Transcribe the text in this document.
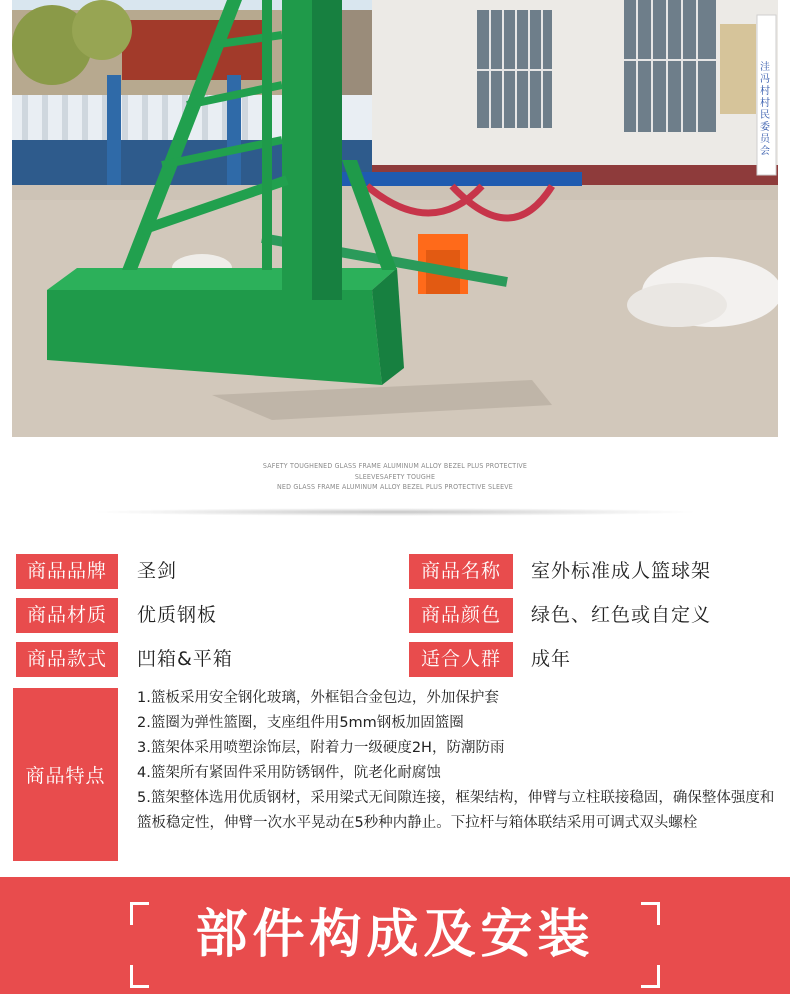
洼冯村村民委员会
SAFETY TOUGHENED GLASS FRAME ALUMINUM ALLOY BEZEL PLUS PROTECTIVE
SLEEVESAFETY TOUGHE
NED GLASS FRAME ALUMINUM ALLOY BEZEL PLUS PROTECTIVE SLEEVE
商品品牌	圣剑	商品名称	室外标准成人篮球架
商品材质	优质钢板	商品颜色	绿色、红色或自定义
商品款式	凹箱&平箱	适合人群	成年
商品特点
1.篮板采用安全钢化玻璃，外框铝合金包边，外加保护套
2.篮圈为弹性篮圈，支座组件用5mm钢板加固篮圈
3.篮架体采用喷塑涂饰层，附着力一级硬度2H，防潮防雨
4.篮架所有紧固件采用防锈钢件，阬老化耐腐蚀
5.篮架整体选用优质钢材，采用梁式无间隙连接，框架结构，伸臂与立柱联接稳固，确保整体强度和篮板稳定性，伸臂一次水平晃动在5秒种内静止。下拉杆与箱体联结采用可调式双头螺栓
部件构成及安装
